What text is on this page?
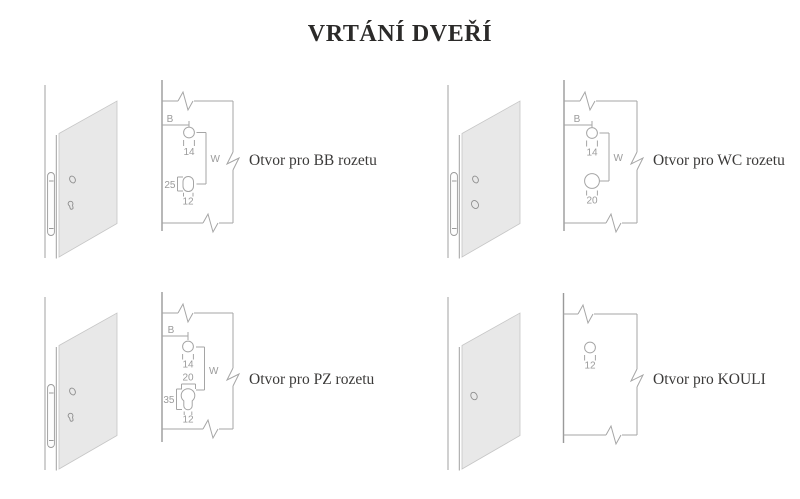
VRTÁNÍ DVEŘÍ
B
14
W
25
12
Otvor pro BB rozetu
B
14 W
20
Otvor pro WC rozetu
B
14
20
W
35
12
Otvor pro PZ rozetu
12
Otvor pro KOULI
